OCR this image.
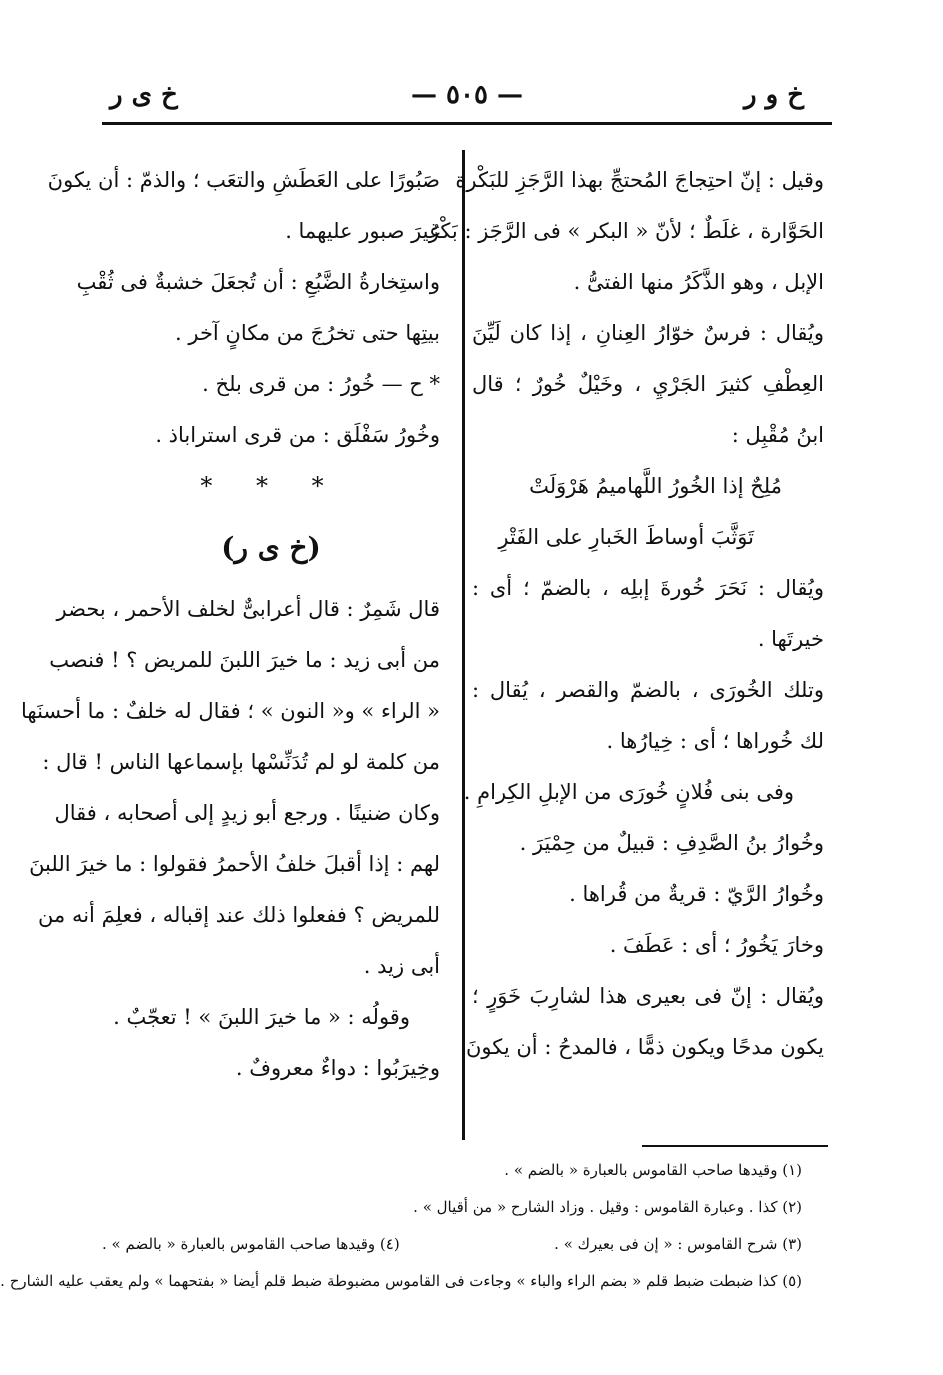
خ و ر
— ٥٠٥ —
خ ى ر
وقيل : إنّ احتِجاجَ المُحتجِّ بهذا الرَّجَزِ للبَكْرة
الحَوَّارة ، غلَطٌ ؛ لأنّ « البكر » فى الرَّجَز : بَكْرُ
الإبل ، وهو الذَّكَرُ منها الفتىُّ .
ويُقال : فرسٌ خوّارُ العِنانِ ، إذا كان لَيِّنَ
العِطْفِ كثيرَ الجَرْيِ ، وخَيْلٌ خُورٌ ؛ قال
ابنُ مُقْبِل :
مُلِحٌ إذا الخُورُ اللَّهاميمُ هَرْوَلَتْ
تَوَثَّبَ أوساطَ الخَبارِ على الفَتْرِ
ويُقال : نَحَرَ خُورةَ إبلِه ، بالضمّ ؛ أى :
خيرتَها .
وتلك الخُورَى ، بالضمّ والقصر ، يُقال :
لك خُوراها ؛ أى : خِيارُها .
وفى بنى فُلانٍ خُورَى من الإبلِ الكِرامِ .
وخُوارُ بنُ الصَّدِفِ : قبيلٌ من حِمْيَرَ .
وخُوارُ الرَّيّ : قريةٌ من قُراها .
وخارَ يَخُورُ ؛ أى : عَطَفَ .
ويُقال : إنّ فى بعيرى هذا لشارِبَ خَوَرٍ ؛
يكون مدحًا ويكون ذمًّا ، فالمدحُ : أن يكونَ
صَبُورًا على العَطَشِ والتعَب ؛ والذمّ : أن يكونَ
غيرَ صبور عليهما .
واستِخارةُ الضَّبُعِ : أن تُجعَلَ خشبةٌ فى ثُقْبِ
بيتِها حتى تخرُجَ من مكانٍ آخر .
* ح — خُورُ : من قرى بلخ .
وخُورُ سَفْلَق : من قرى استراباذ .
* * *
(خ ى ر)
قال شَمِرٌ : قال أعرابىٌّ لخلف الأحمر ، بحضر
من أبى زيد : ما خيرَ اللبنَ للمريض ؟ ! فنصب
« الراء » و« النون » ؛ فقال له خلفٌ : ما أحسنَها
من كلمة لو لم تُدَنِّسْها بإسماعها الناس ! قال :
وكان ضنينًا . ورجع أبو زيدٍ إلى أصحابه ، فقال
لهم : إذا أقبلَ خلفُ الأحمرُ فقولوا : ما خيرَ اللبنَ
للمريض ؟ ففعلوا ذلك عند إقباله ، فعلِمَ أنه من
أبى زيد .
وقولُه : « ما خيرَ اللبنَ » ! تعجّبٌ .
وخِيرَبُوا : دواءٌ معروفٌ .
(١) وقيدها صاحب القاموس بالعبارة « بالضم » .
(٢) كذا . وعبارة القاموس : وقيل . وزاد الشارح « من أقيال » .
(٣) شرح القاموس : « إن فى بعيرك » .
(٤) وقيدها صاحب القاموس بالعبارة « بالضم » .
(٥) كذا ضبطت ضبط قلم « بضم الراء والباء » وجاءت فى القاموس مضبوطة ضبط قلم أيضا « بفتحهما » ولم يعقب عليه الشارح .
